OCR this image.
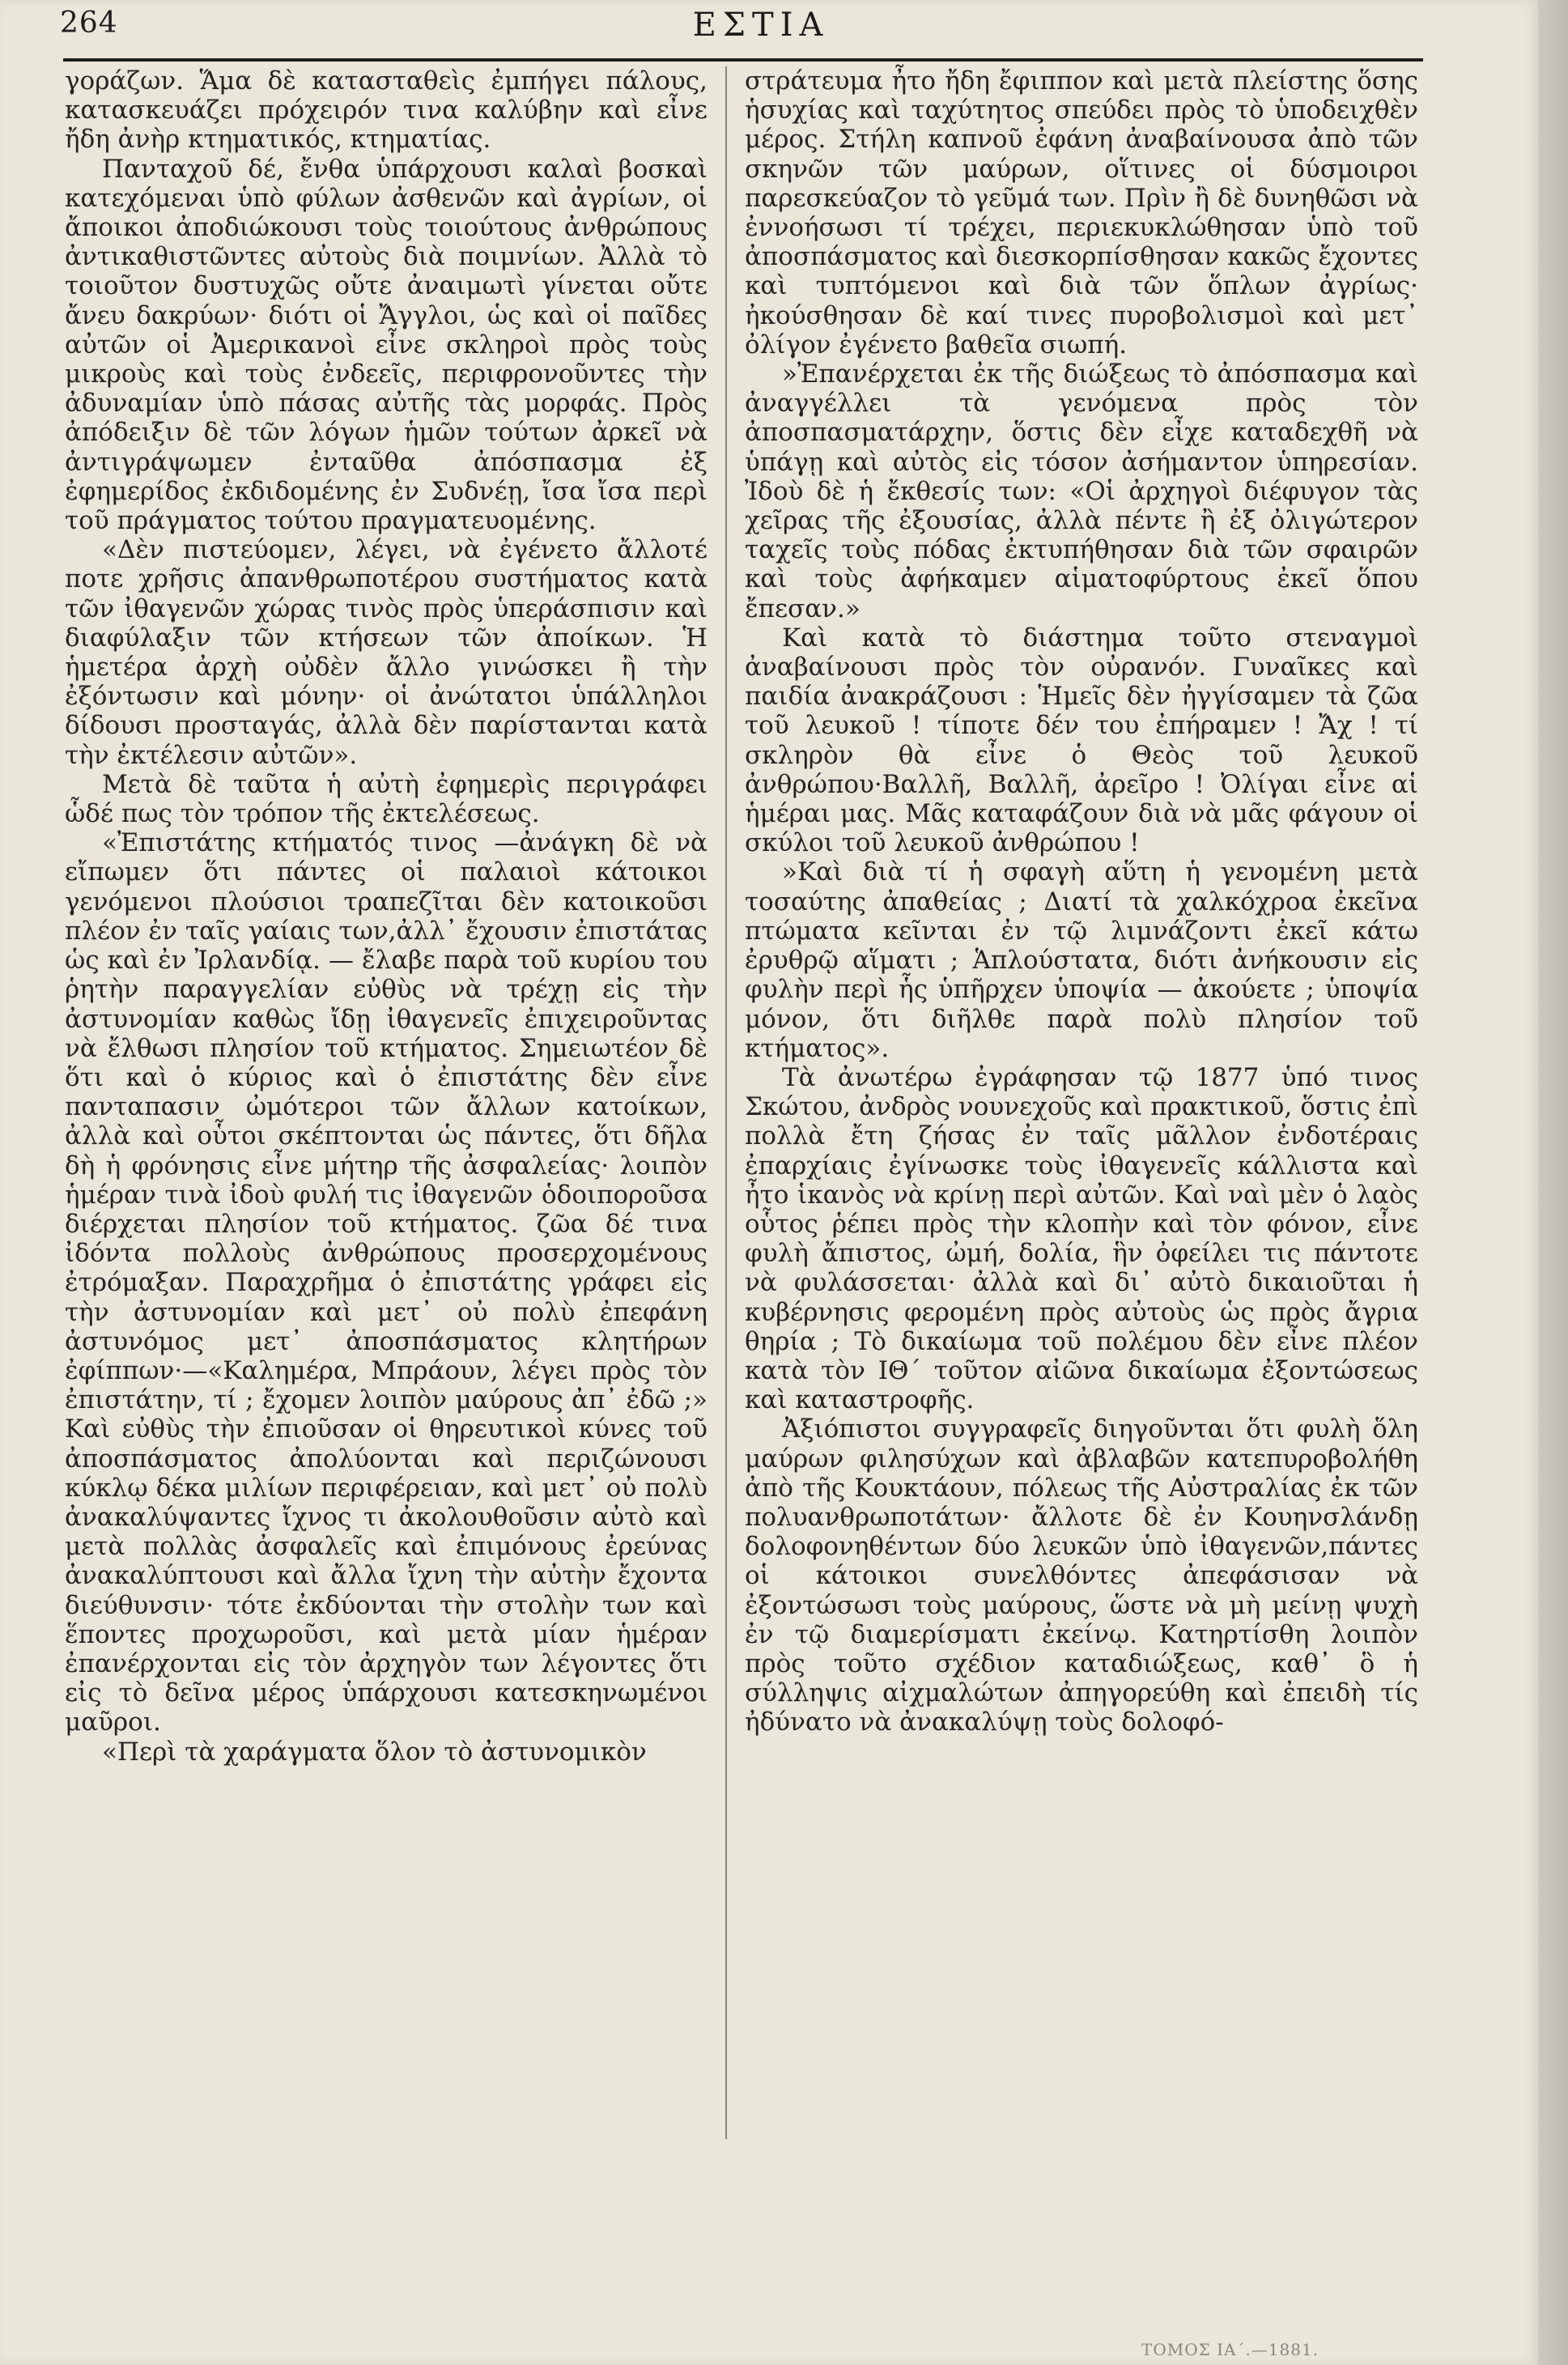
264	ΕΣΤΙΑ

γοράζων. Ἅμα δὲ κατασταθεὶς ἐμπήγει πάλους, κατασκευάζει πρόχειρόν τινα καλύβην καὶ εἶνε ἤδη ἀνὴρ κτηματικός, κτηματίας.

Πανταχοῦ δέ, ἔνθα ὑπάρχουσι καλαὶ βοσκαὶ κατεχόμεναι ὑπὸ φύλων ἀσθενῶν καὶ ἀγρίων, οἱ ἄποικοι ἀποδιώκουσι τοὺς τοιούτους ἀνθρώπους ἀντικαθιστῶντες αὐτοὺς διὰ ποιμνίων. Ἀλλὰ τὸ τοιοῦτον δυστυχῶς οὔτε ἀναιμωτὶ γίνεται οὔτε ἄνευ δακρύων· διότι οἱ Ἄγγλοι, ὡς καὶ οἱ παῖδες αὐτῶν οἱ Ἀμερικανοὶ εἶνε σκληροὶ πρὸς τοὺς μικροὺς καὶ τοὺς ἐνδεεῖς, περιφρονοῦντες τὴν ἀδυναμίαν ὑπὸ πάσας αὐτῆς τὰς μορφάς. Πρὸς ἀπόδειξιν δὲ τῶν λόγων ἡμῶν τούτων ἀρκεῖ νὰ ἀντιγράψωμεν ἐνταῦθα ἀπόσπασμα ἐξ ἐφημερίδος ἐκδιδομένης ἐν Συδνέῃ, ἴσα ἴσα περὶ τοῦ πράγματος τούτου πραγματευομένης.

«Δὲν πιστεύομεν, λέγει, νὰ ἐγένετο ἄλλοτέ ποτε χρῆσις ἀπανθρωποτέρου συστήματος κατὰ τῶν ἰθαγενῶν χώρας τινὸς πρὸς ὑπεράσπισιν καὶ διαφύλαξιν τῶν κτήσεων τῶν ἀποίκων. Ἡ ἡμετέρα ἀρχὴ οὐδὲν ἄλλο γινώσκει ἢ τὴν ἐξόντωσιν καὶ μόνην· οἱ ἀνώτατοι ὑπάλληλοι δίδουσι προσταγάς, ἀλλὰ δὲν παρίστανται κατὰ τὴν ἐκτέλεσιν αὐτῶν».

Μετὰ δὲ ταῦτα ἡ αὐτὴ ἐφημερὶς περιγράφει ὧδέ πως τὸν τρόπον τῆς ἐκτελέσεως.

«Ἐπιστάτης κτήματός τινος —ἀνάγκη δὲ νὰ εἴπωμεν ὅτι πάντες οἱ παλαιοὶ κάτοικοι γενόμενοι πλούσιοι τραπεζῖται δὲν κατοικοῦσι πλέον ἐν ταῖς γαίαις των,ἀλλ᾽ ἔχουσιν ἐπιστάτας ὡς καὶ ἐν Ἰρλανδίᾳ. — ἔλαβε παρὰ τοῦ κυρίου του ῥητὴν παραγγελίαν εὐθὺς νὰ τρέχῃ εἰς τὴν ἀστυνομίαν καθὼς ἴδῃ ἰθαγενεῖς ἐπιχειροῦντας νὰ ἔλθωσι πλησίον τοῦ κτήματος. Σημειωτέον δὲ ὅτι καὶ ὁ κύριος καὶ ὁ ἐπιστάτης δὲν εἶνε πανταπασιν ὠμότεροι τῶν ἄλλων κατοίκων, ἀλλὰ καὶ οὗτοι σκέπτονται ὡς πάντες, ὅτι δῆλα δὴ ἡ φρόνησις εἶνε μήτηρ τῆς ἀσφαλείας· λοιπὸν ἡμέραν τινὰ ἰδοὺ φυλή τις ἰθαγενῶν ὁδοιποροῦσα διέρχεται πλησίον τοῦ κτήματος. ζῶα δέ τινα ἰδόντα πολλοὺς ἀνθρώπους προσερχομένους ἐτρόμαξαν. Παραχρῆμα ὁ ἐπιστάτης γράφει εἰς τὴν ἀστυνομίαν καὶ μετ᾽ οὐ πολὺ ἐπεφάνη ἀστυνόμος μετ᾽ ἀποσπάσματος κλητήρων ἐφίππων·—«Καλημέρα, Μπράουν, λέγει πρὸς τὸν ἐπιστάτην, τί ; ἔχομεν λοιπὸν μαύρους ἀπ᾽ ἐδῶ ;» Καὶ εὐθὺς τὴν ἐπιοῦσαν οἱ θηρευτικοὶ κύνες τοῦ ἀποσπάσματος ἀπολύονται καὶ περιζώνουσι κύκλῳ δέκα μιλίων περιφέρειαν, καὶ μετ᾽ οὐ πολὺ ἀνακαλύψαντες ἴχνος τι ἀκολουθοῦσιν αὐτὸ καὶ μετὰ πολλὰς ἀσφαλεῖς καὶ ἐπιμόνους ἐρεύνας ἀνακαλύπτουσι καὶ ἄλλα ἴχνη τὴν αὐτὴν ἔχοντα διεύθυνσιν· τότε ἐκδύονται τὴν στολὴν των καὶ ἕποντες προχωροῦσι, καὶ μετὰ μίαν ἡμέραν ἐπανέρχονται εἰς τὸν ἀρχηγὸν των λέγοντες ὅτι εἰς τὸ δεῖνα μέρος ὑπάρχουσι κατεσκηνωμένοι μαῦροι.

«Περὶ τὰ χαράγματα ὅλον τὸ ἀστυνομικὸν

στράτευμα ἦτο ἤδη ἔφιππον καὶ μετὰ πλείστης ὅσης ἡσυχίας καὶ ταχύτητος σπεύδει πρὸς τὸ ὑποδειχθὲν μέρος. Στήλη καπνοῦ ἐφάνη ἀναβαίνουσα ἀπὸ τῶν σκηνῶν τῶν μαύρων, οἵτινες οἱ δύσμοιροι παρεσκεύαζον τὸ γεῦμά των. Πρὶν ἢ δὲ δυνηθῶσι νὰ ἐννοήσωσι τί τρέχει, περιεκυκλώθησαν ὑπὸ τοῦ ἀποσπάσματος καὶ διεσκορπίσθησαν κακῶς ἔχοντες καὶ τυπτόμενοι καὶ διὰ τῶν ὅπλων ἀγρίως· ἠκούσθησαν δὲ καί τινες πυροβολισμοὶ καὶ μετ᾽ ὀλίγον ἐγένετο βαθεῖα σιωπή.

»Ἐπανέρχεται ἐκ τῆς διώξεως τὸ ἀπόσπασμα καὶ ἀναγγέλλει τὰ γενόμενα πρὸς τὸν ἀποσπασματάρχην, ὅστις δὲν εἶχε καταδεχθῆ νὰ ὑπάγῃ καὶ αὐτὸς εἰς τόσον ἀσήμαντον ὑπηρεσίαν. Ἰδοὺ δὲ ἡ ἔκθεσίς των: «Οἱ ἀρχηγοὶ διέφυγον τὰς χεῖρας τῆς ἐξουσίας, ἀλλὰ πέντε ἢ ἐξ ὀλιγώτερον ταχεῖς τοὺς πόδας ἐκτυπήθησαν διὰ τῶν σφαιρῶν καὶ τοὺς ἀφήκαμεν αἱματοφύρτους ἐκεῖ ὅπου ἔπεσαν.»

Καὶ κατὰ τὸ διάστημα τοῦτο στεναγμοὶ ἀναβαίνουσι πρὸς τὸν οὐρανόν. Γυναῖκες καὶ παιδία ἀνακράζουσι : Ἡμεῖς δὲν ἠγγίσαμεν τὰ ζῶα τοῦ λευκοῦ ! τίποτε δέν του ἐπήραμεν ! Ἄχ ! τί σκληρὸν θὰ εἶνε ὁ Θεὸς τοῦ λευκοῦ ἀνθρώπου·Βαλλῆ, Βαλλῆ, ἀρεῖρο ! Ὀλίγαι εἶνε αἱ ἡμέραι μας. Μᾶς καταφάζουν διὰ νὰ μᾶς φάγουν οἱ σκύλοι τοῦ λευκοῦ ἀνθρώπου !

»Καὶ διὰ τί ἡ σφαγὴ αὕτη ἡ γενομένη μετὰ τοσαύτης ἀπαθείας ; Διατί τὰ χαλκόχροα ἐκεῖνα πτώματα κεῖνται ἐν τῷ λιμνάζοντι ἐκεῖ κάτω ἐρυθρῷ αἵματι ; Ἁπλούστατα, διότι ἀνήκουσιν εἰς φυλὴν περὶ ἧς ὑπῆρχεν ὑποψία — ἀκούετε ; ὑποψία μόνον, ὅτι διῆλθε παρὰ πολὺ πλησίον τοῦ κτήματος».

Τὰ ἀνωτέρω ἐγράφησαν τῷ 1877 ὑπό τινος Σκώτου, ἀνδρὸς νουνεχοῦς καὶ πρακτικοῦ, ὅστις ἐπὶ πολλὰ ἔτη ζήσας ἐν ταῖς μᾶλλον ἐνδοτέραις ἐπαρχίαις ἐγίνωσκε τοὺς ἰθαγενεῖς κάλλιστα καὶ ἦτο ἱκανὸς νὰ κρίνῃ περὶ αὐτῶν. Καὶ ναὶ μὲν ὁ λαὸς οὗτος ῥέπει πρὸς τὴν κλοπὴν καὶ τὸν φόνον, εἶνε φυλὴ ἄπιστος, ὠμή, δολία, ἣν ὀφείλει τις πάντοτε νὰ φυλάσσεται· ἀλλὰ καὶ δι᾽ αὐτὸ δικαιοῦται ἡ κυβέρνησις φερομένη πρὸς αὐτοὺς ὡς πρὸς ἄγρια θηρία ; Τὸ δικαίωμα τοῦ πολέμου δὲν εἶνε πλέον κατὰ τὸν ΙΘ´ τοῦτον αἰῶνα δικαίωμα ἐξοντώσεως καὶ καταστροφῆς.

Ἀξιόπιστοι συγγραφεῖς διηγοῦνται ὅτι φυλὴ ὅλη μαύρων φιλησύχων καὶ ἀβλαβῶν κατεπυροβολήθη ἀπὸ τῆς Κουκτάουν, πόλεως τῆς Αὐστραλίας ἐκ τῶν πολυανθρωποτάτων· ἄλλοτε δὲ ἐν Κουηνσλάνδῃ δολοφονηθέντων δύο λευκῶν ὑπὸ ἰθαγενῶν,πάντες οἱ κάτοικοι συνελθόντες ἀπεφάσισαν νὰ ἐξοντώσωσι τοὺς μαύρους, ὥστε νὰ μὴ μείνῃ ψυχὴ ἐν τῷ διαμερίσματι ἐκείνῳ. Κατηρτίσθη λοιπὸν πρὸς τοῦτο σχέδιον καταδιώξεως, καθ᾽ ὃ ἡ σύλληψις αἰχμαλώτων ἀπηγορεύθη καὶ ἐπειδὴ τίς ἠδύνατο νὰ ἀνακαλύψῃ τοὺς δολοφό-

ΤΟΜΟΣ ΙΑ´.—1881.
